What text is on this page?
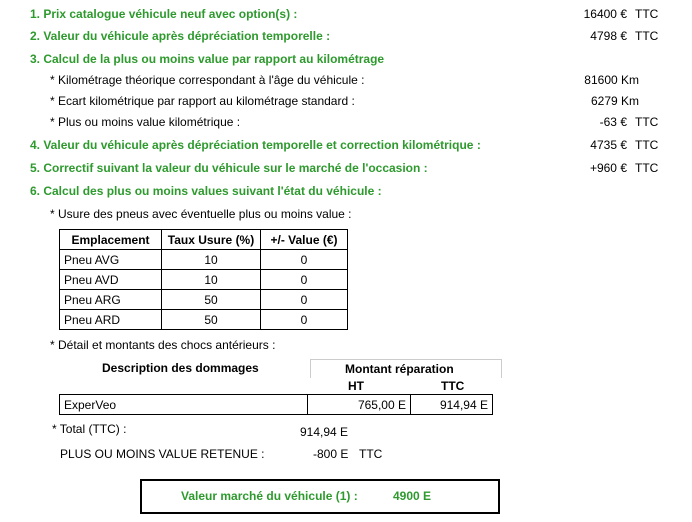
1. Prix catalogue véhicule neuf avec option(s) :	16400 € TTC
2. Valeur du véhicule après dépréciation temporelle :	4798 € TTC
3. Calcul de la plus ou moins value par rapport au kilométrage
* Kilométrage théorique correspondant à l'âge du véhicule :	81600 Km
* Ecart kilométrique par rapport au kilométrage standard :	6279 Km
* Plus ou moins value kilométrique :	-63 € TTC
4. Valeur du véhicule après dépréciation temporelle et correction kilométrique :	4735 € TTC
5. Correctif suivant la valeur du véhicule sur le marché de l'occasion :	+960 € TTC
6. Calcul des plus ou moins values suivant l'état du véhicule :
* Usure des pneus avec éventuelle plus ou moins value :
Emplacement	Taux Usure (%)	+/- Value (€)
Pneu AVG	10	0
Pneu AVD	10	0
Pneu ARG	50	0
Pneu ARD	50	0
* Détail et montants des chocs antérieurs :
Description des dommages	Montant réparation
HT	TTC
ExperVeo	765,00 E	914,94 E
* Total (TTC) :	914,94 E
PLUS OU MOINS VALUE RETENUE :	-800 E TTC
Valeur marché du véhicule (1) :	4900 E
